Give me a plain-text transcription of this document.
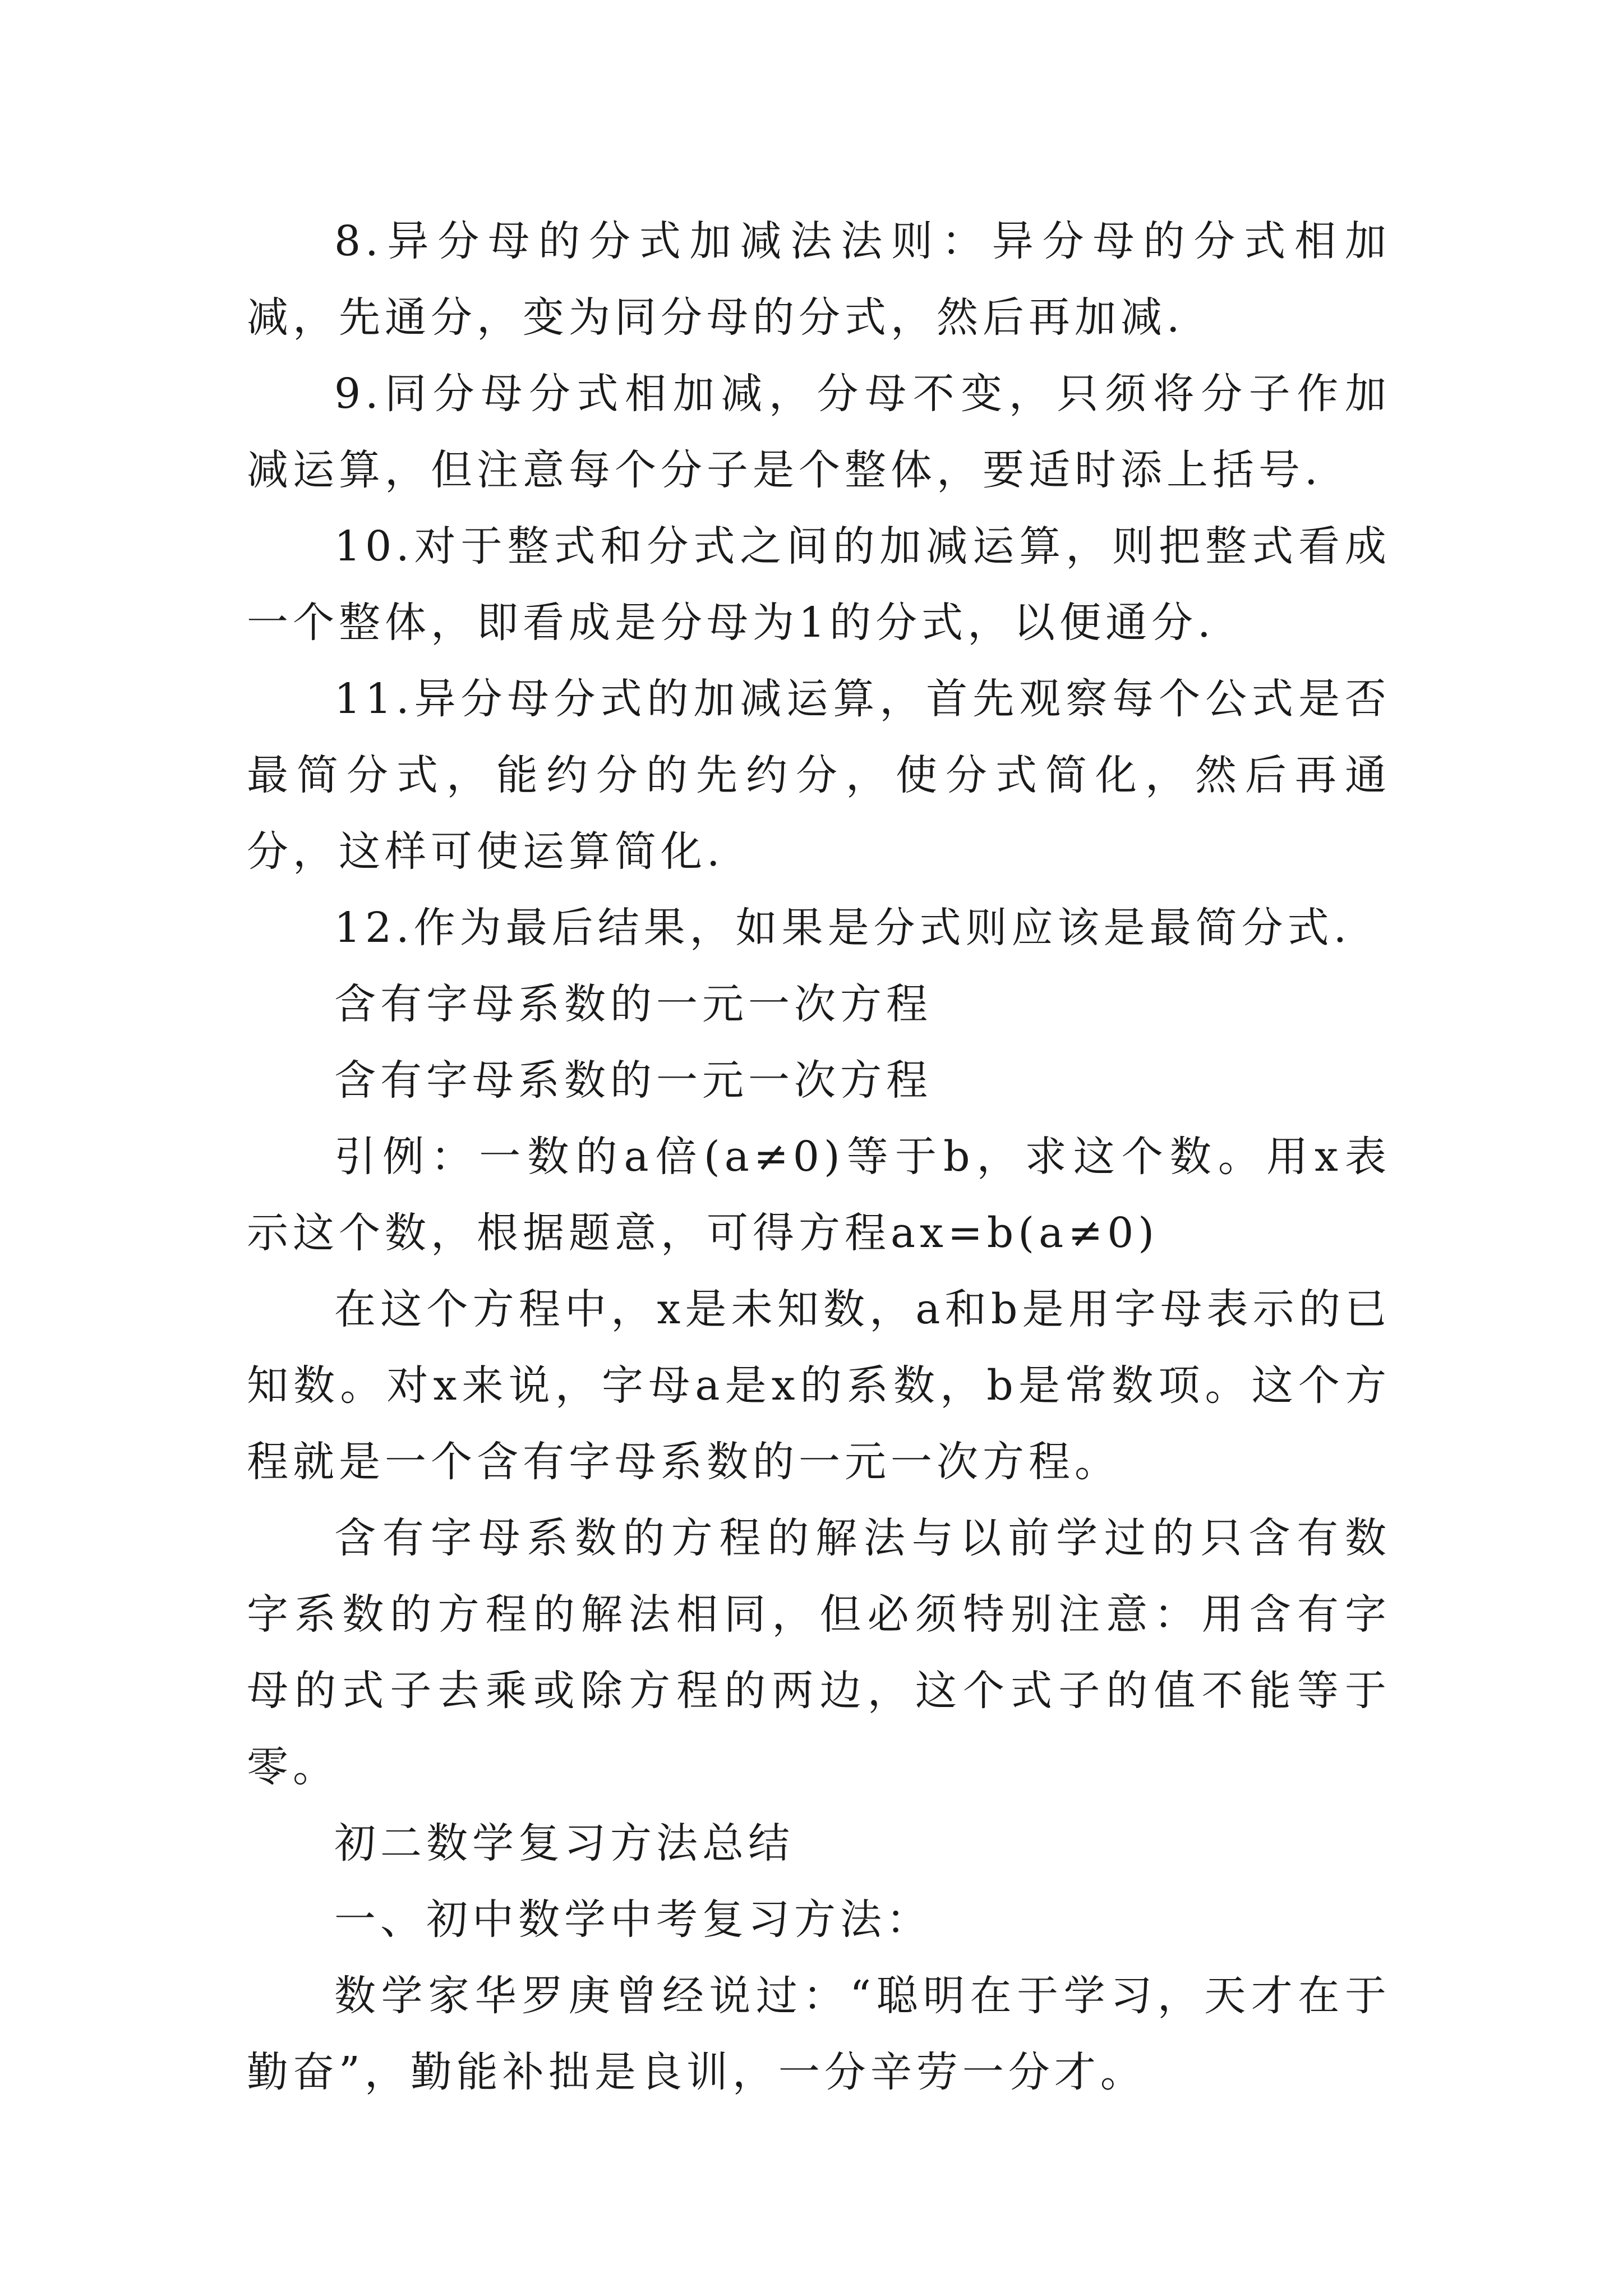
8.异分母的分式加减法法则：异分母的分式相加减，先通分，变为同分母的分式，然后再加减.

9.同分母分式相加减，分母不变，只须将分子作加减运算，但注意每个分子是个整体，要适时添上括号.

10.对于整式和分式之间的加减运算，则把整式看成一个整体，即看成是分母为1的分式，以便通分.

11.异分母分式的加减运算，首先观察每个公式是否最简分式，能约分的先约分，使分式简化，然后再通分，这样可使运算简化.

12.作为最后结果，如果是分式则应该是最简分式.

含有字母系数的一元一次方程

含有字母系数的一元一次方程

引例：一数的a倍(a≠0)等于b，求这个数。用x表示这个数，根据题意，可得方程ax=b(a≠0)

在这个方程中，x是未知数，a和b是用字母表示的已知数。对x来说，字母a是x的系数，b是常数项。这个方程就是一个含有字母系数的一元一次方程。

含有字母系数的方程的解法与以前学过的只含有数字系数的方程的解法相同，但必须特别注意：用含有字母的式子去乘或除方程的两边，这个式子的值不能等于零。

初二数学复习方法总结

一、初中数学中考复习方法：

数学家华罗庚曾经说过：“聪明在于学习，天才在于勤奋”，勤能补拙是良训，一分辛劳一分才。
